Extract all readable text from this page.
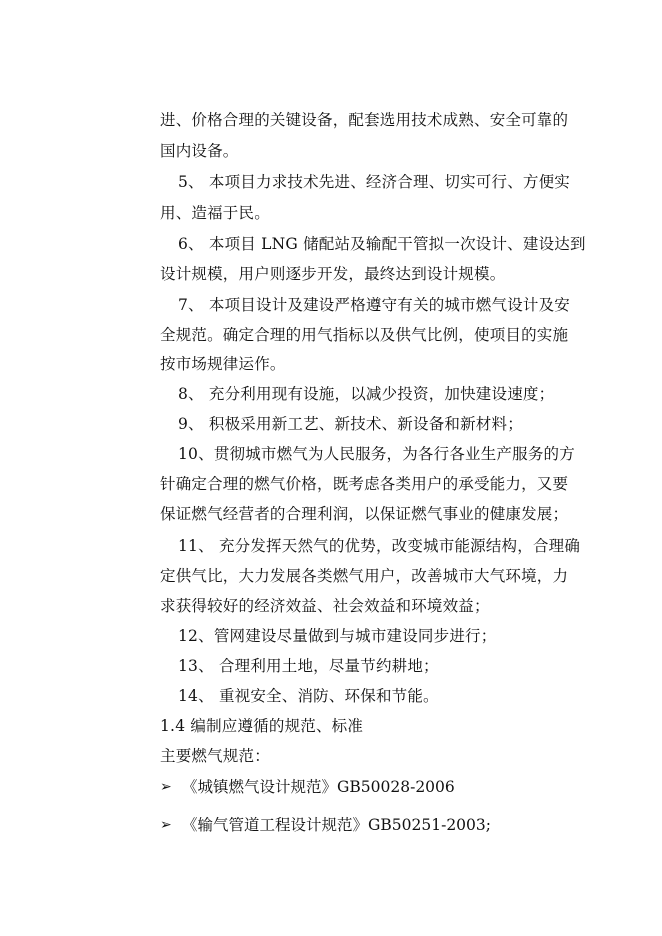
进、价格合理的关键设备，配套选用技术成熟、安全可靠的
国内设备。
5、 本项目力求技术先进、经济合理、切实可行、方便实
用、造福于民。
6、 本项目 LNG 储配站及输配干管拟一次设计、建设达到
设计规模，用户则逐步开发，最终达到设计规模。
7、 本项目设计及建设严格遵守有关的城市燃气设计及安
全规范。确定合理的用气指标以及供气比例，使项目的实施
按市场规律运作。
8、 充分利用现有设施，以减少投资，加快建设速度；
9、 积极采用新工艺、新技术、新设备和新材料；
10、贯彻城市燃气为人民服务，为各行各业生产服务的方
针确定合理的燃气价格，既考虑各类用户的承受能力，又要
保证燃气经营者的合理利润，以保证燃气事业的健康发展；
11、 充分发挥天然气的优势，改变城市能源结构，合理确
定供气比，大力发展各类燃气用户，改善城市大气环境，力
求获得较好的经济效益、社会效益和环境效益；
12、管网建设尽量做到与城市建设同步进行；
13、 合理利用土地，尽量节约耕地；
14、 重视安全、消防、环保和节能。
1.4 编制应遵循的规范、标准
主要燃气规范：
➢ 《城镇燃气设计规范》GB50028-2006
➢ 《输气管道工程设计规范》GB50251-2003;
